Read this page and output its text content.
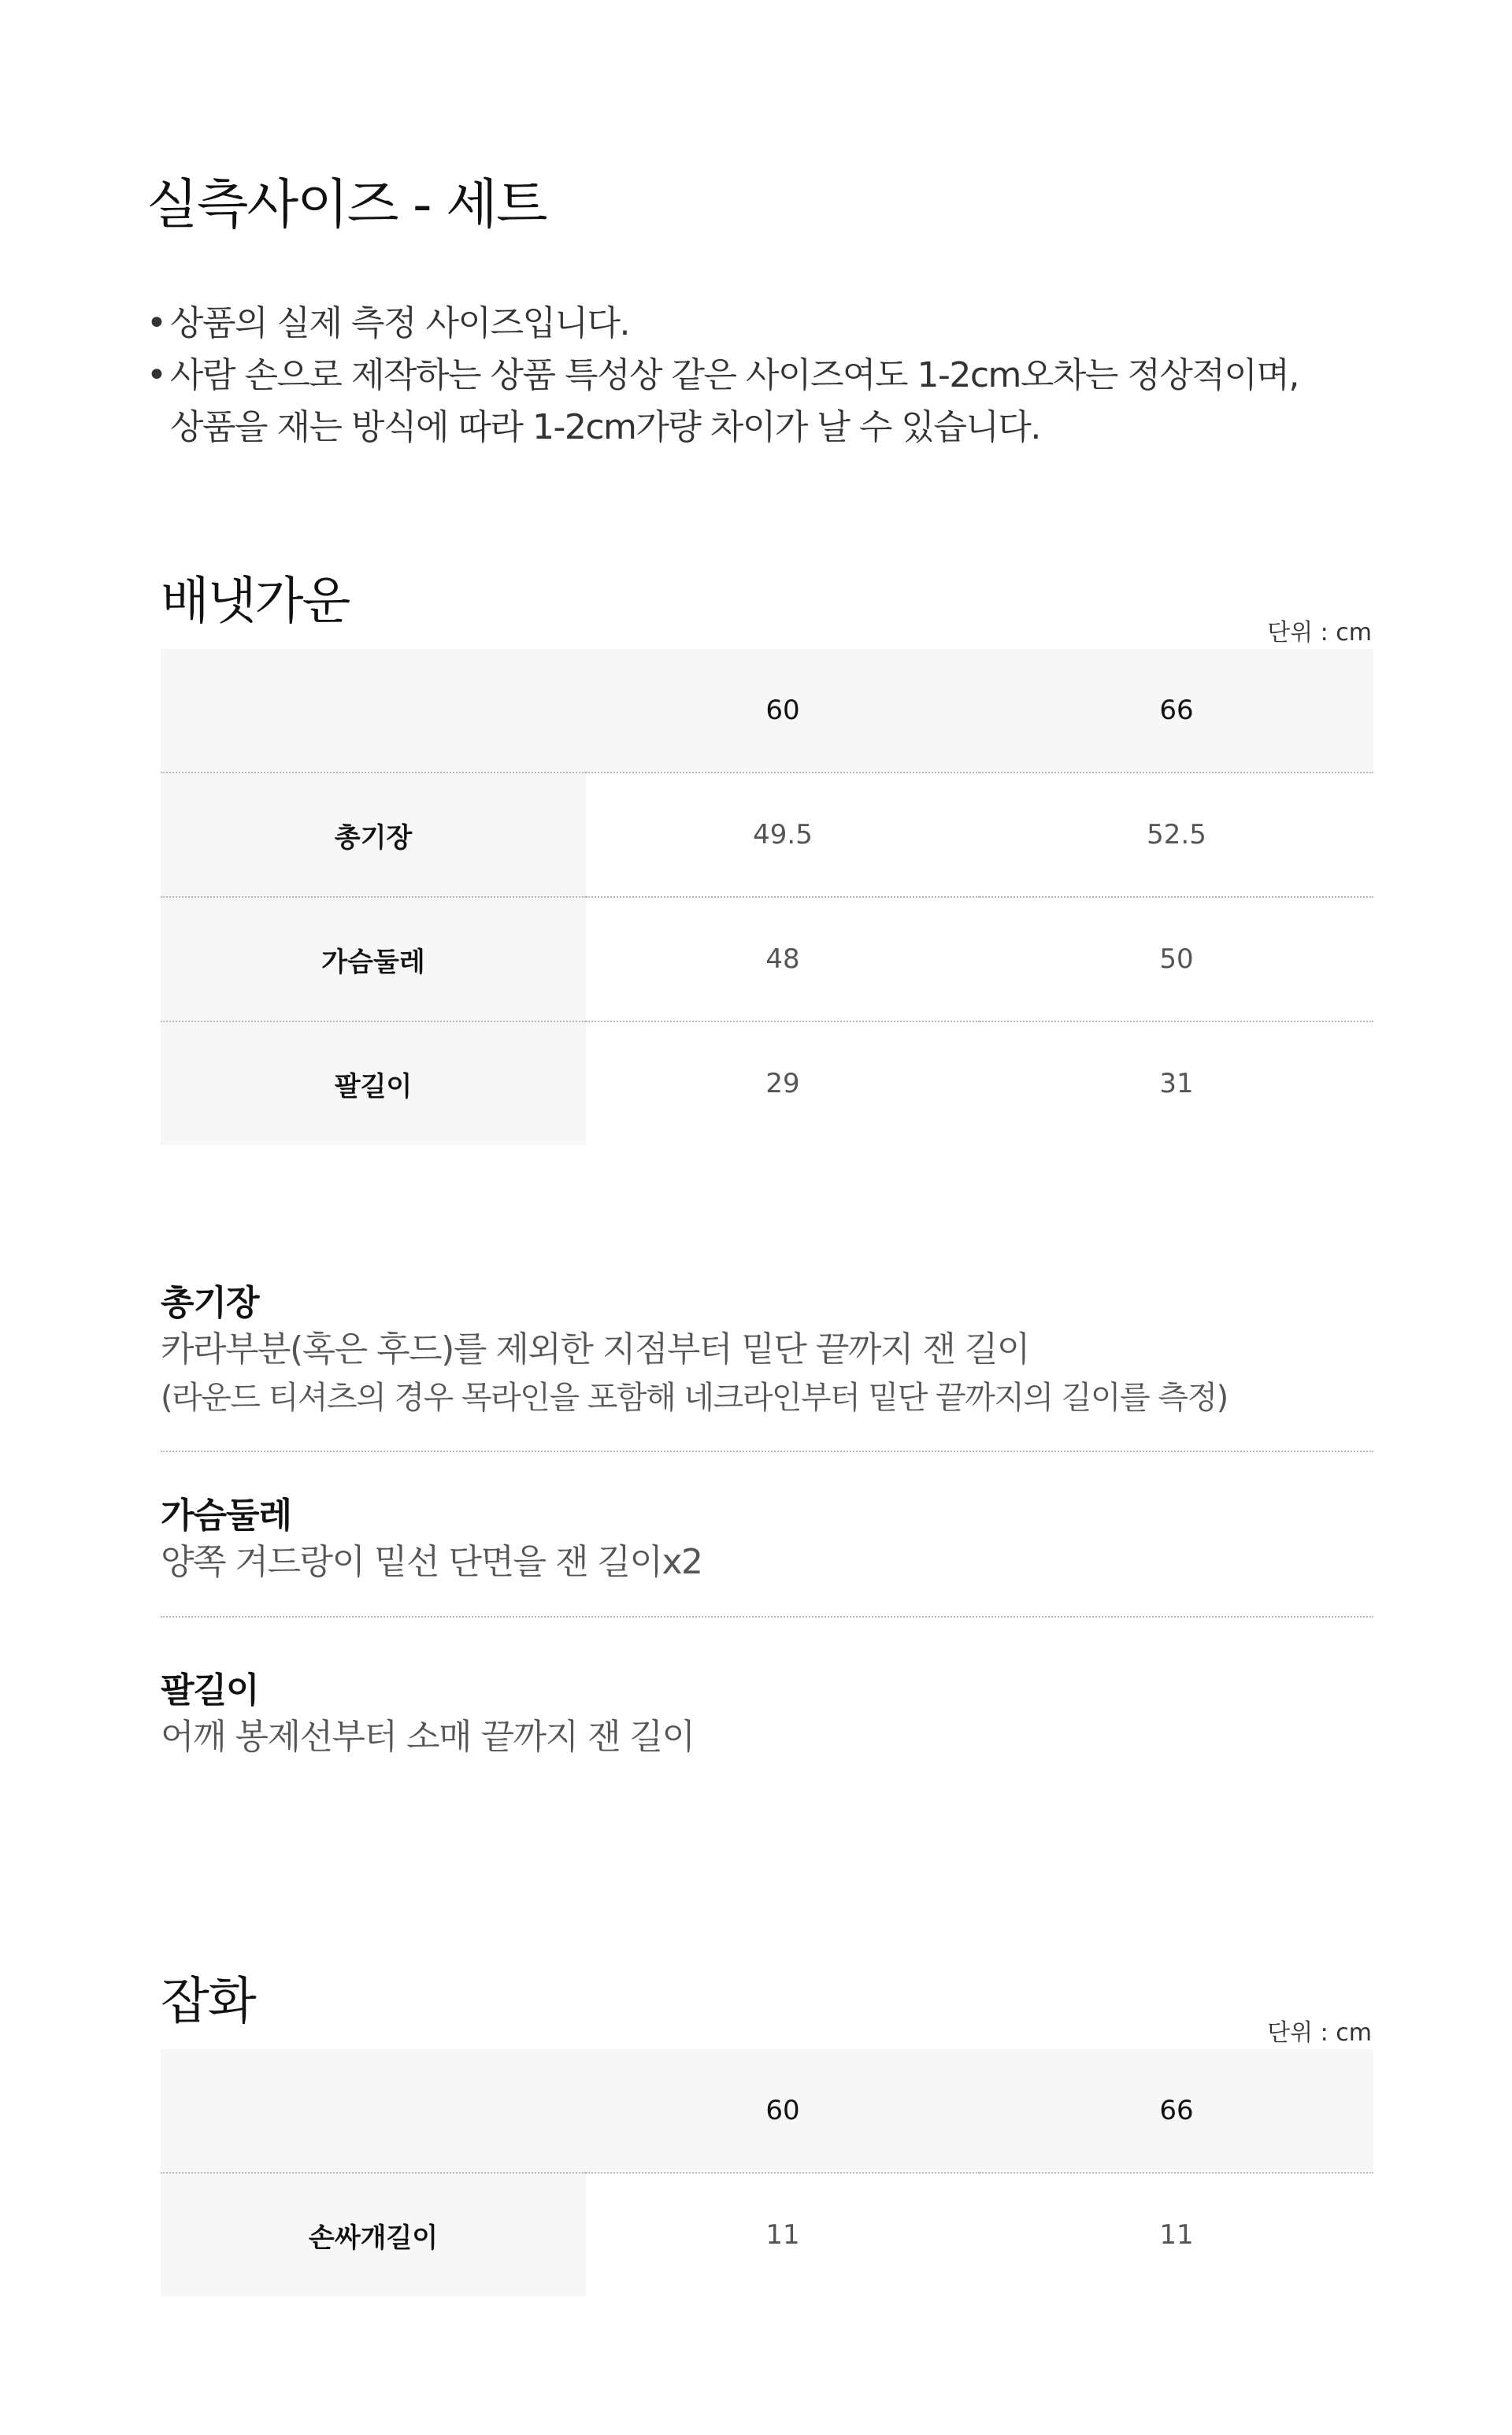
실측사이즈 - 세트
• 상품의 실제 측정 사이즈입니다.
• 사람 손으로 제작하는 상품 특성상 같은 사이즈여도 1-2cm오차는 정상적이며,
상품을 재는 방식에 따라 1-2cm가량 차이가 날 수 있습니다.
배냇가운
단위 : cm
	60	66
총기장	49.5	52.5
가슴둘레	48	50
팔길이	29	31

총기장

카라부분(혹은 후드)를 제외한 지점부터 밑단 끝까지 잰 길이

(라운드 티셔츠의 경우 목라인을 포함해 네크라인부터 밑단 끝까지의 길이를 측정)

가슴둘레

양쪽 겨드랑이 밑선 단면을 잰 길이x2

팔길이

어깨 봉제선부터 소매 끝까지 잰 길이

잡화
단위 : cm
	60	66
손싸개길이	11	11
